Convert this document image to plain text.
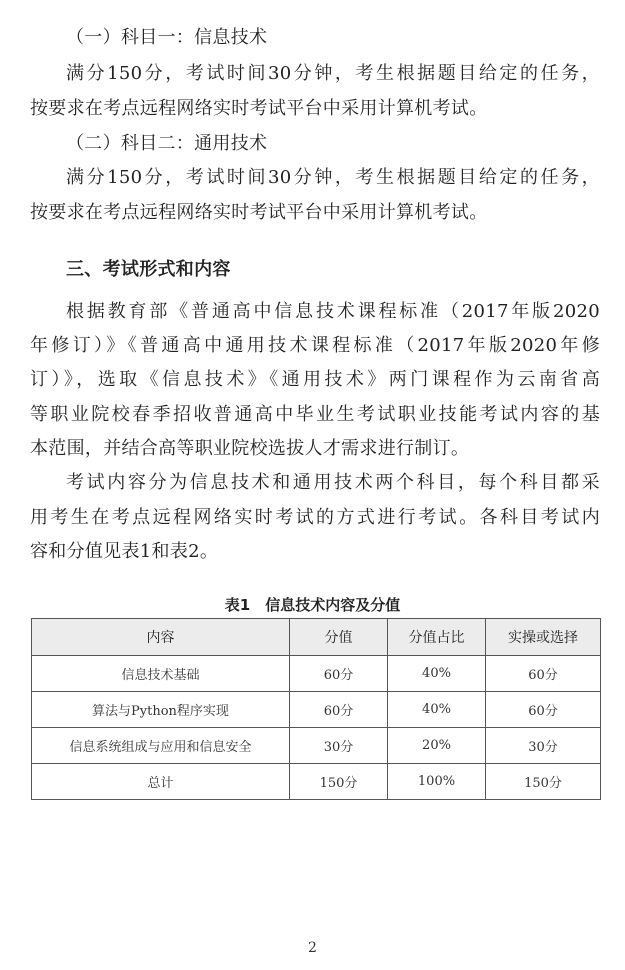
（一）科目一：信息技术

满分150分，考试时间30分钟，考生根据题目给定的任务，

按要求在考点远程网络实时考试平台中采用计算机考试。

（二）科目二：通用技术

满分150分，考试时间30分钟，考生根据题目给定的任务，

按要求在考点远程网络实时考试平台中采用计算机考试。

三、考试形式和内容

根据教育部《普通高中信息技术课程标准（2017年版2020

年修订）》《普通高中通用技术课程标准（2017年版2020年修

订）》，选取《信息技术》《通用技术》两门课程作为云南省高

等职业院校春季招收普通高中毕业生考试职业技能考试内容的基

本范围，并结合高等职业院校选拔人才需求进行制订。

考试内容分为信息技术和通用技术两个科目，每个科目都采

用考生在考点远程网络实时考试的方式进行考试。各科目考试内

容和分值见表1和表2。

表1　信息技术内容及分值
内容	分值	分值占比	实操或选择
信息技术基础	60分	40%	60分
算法与Python程序实现	60分	40%	60分
信息系统组成与应用和信息安全	30分	20%	30分
总计	150分	100%	150分
2
